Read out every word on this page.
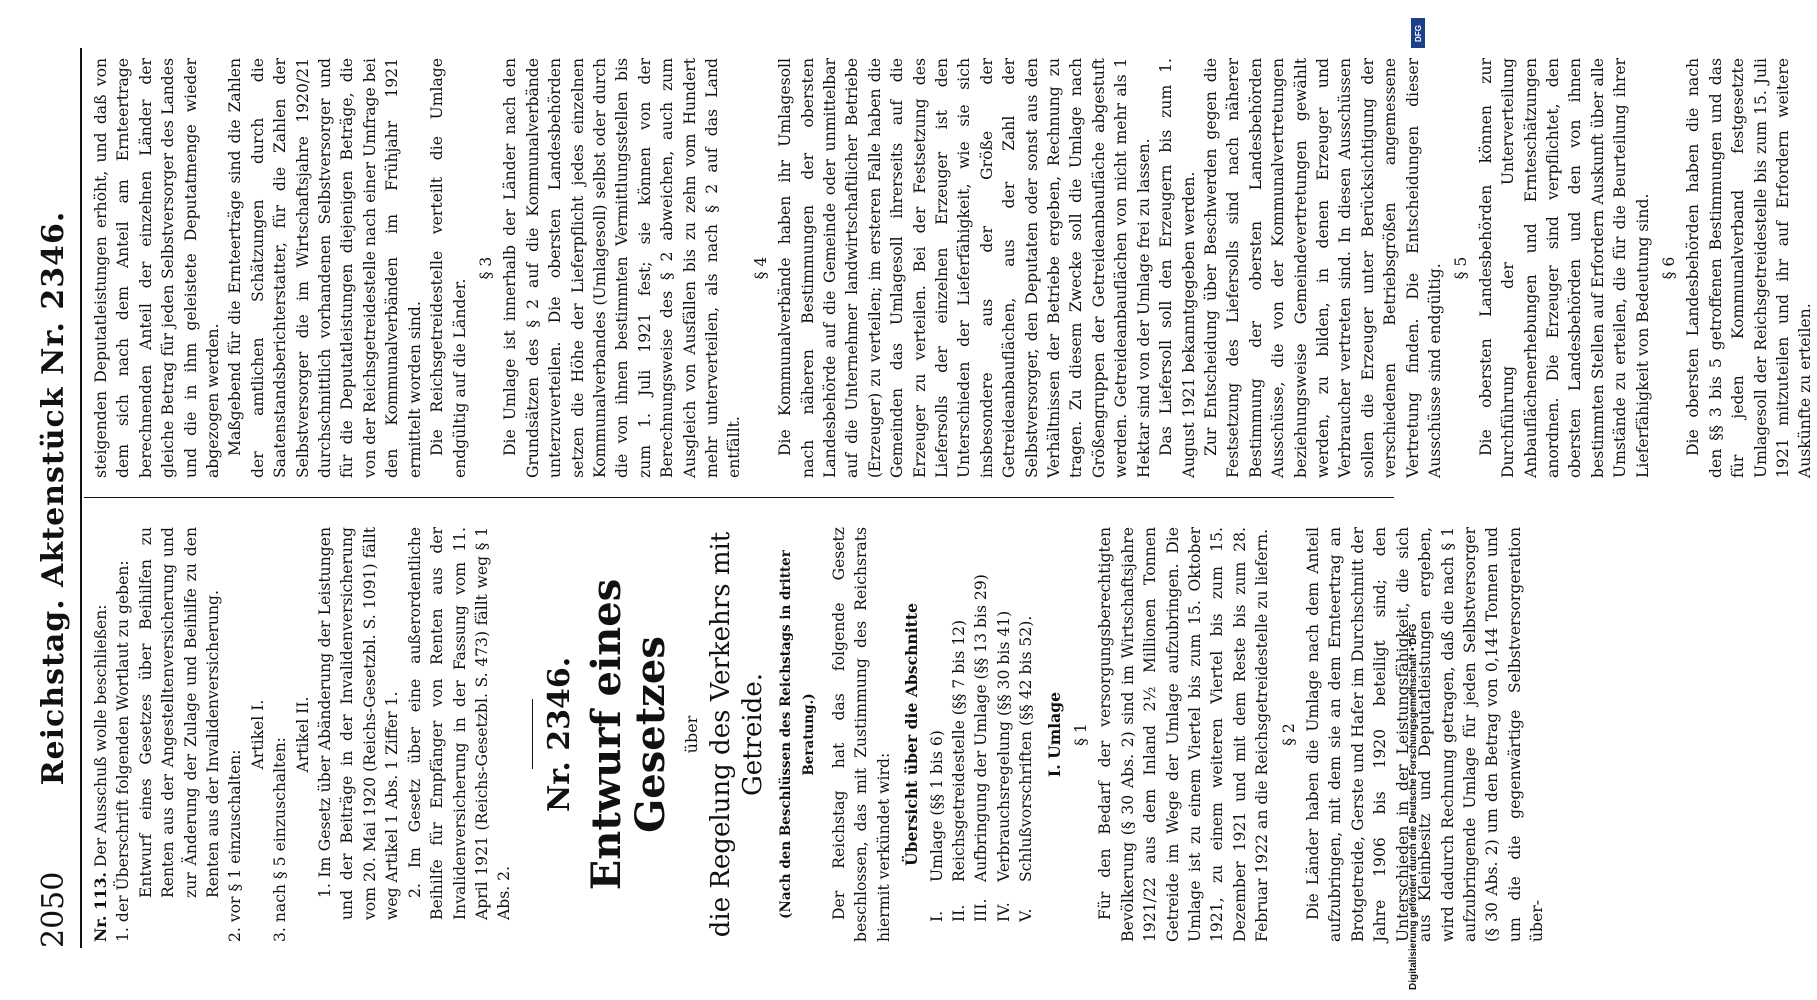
2050
Reichstag. Aktenstück Nr. 2346.

Nr. 113. Der Ausschuß wolle beschließen:

1. der Überschrift folgenden Wortlaut zu geben: Entwurf eines Gesetzes über Beihilfen zu Renten aus der Angestelltenversicherung und zur Änderung der Zulage und Beihilfe zu den Renten aus der Invalidenversicherung.

2. vor § 1 einzuschalten:

Artikel I.

3. nach § 5 einzuschalten:

Artikel II. 1. Im Gesetz über Abänderung der Leistungen und der Beiträge in der Invalidenversicherung vom 20. Mai 1920 (Reichs-Gesetzbl. S. 1091) fällt weg Artikel 1 Abs. 1 Ziffer 1. 2. Im Gesetz über eine außerordentliche Beihilfe für Empfänger von Renten aus der Invalidenversicherung in der Fassung vom 11. April 1921 (Reichs-Gesetzbl. S. 473) fällt weg § 1 Abs. 2.

Nr. 2346. Entwurf eines Gesetzes über die Regelung des Verkehrs mit Getreide. (Nach den Beschlüssen des Reichstags in dritter Beratung.) Der Reichstag hat das folgende Gesetz beschlossen, das mit Zustimmung des Reichsrats hiermit verkündet wird: Übersicht über die Abschnitte

I.
Umlage (§§ 1 bis 6)
II.
Reichsgetreidestelle (§§ 7 bis 12)
III.
Aufbringung der Umlage (§§ 13 bis 29)
IV.
Verbrauchsregelung (§§ 30 bis 41)
V.
Schlußvorschriften (§§ 42 bis 52). I. Umlage § 1 Für den Bedarf der versorgungsberechtigten Bevölkerung (§ 30 Abs. 2) sind im Wirtschaftsjahre 1921/22 aus dem Inland 2½ Millionen Tonnen Getreide im Wege der Umlage aufzubringen. Die Umlage ist zu einem Viertel bis zum 15. Oktober 1921, zu einem weiteren Viertel bis zum 15. Dezember 1921 und mit dem Reste bis zum 28. Februar 1922 an die Reichsgetreidestelle zu liefern. § 2 Die Länder haben die Umlage nach dem Anteil aufzubringen, mit dem sie an dem Ernteertrag an Brotgetreide, Gerste und Hafer im Durchschnitt der Jahre 1906 bis 1920 beteiligt sind; den Unterschieden in der Leistungsfähigkeit, die sich aus Kleinbesitz und Deputatleistungen ergeben, wird dadurch Rechnung getragen, daß die nach § 1 aufzubringende Umlage für jeden Selbstversorger (§ 30 Abs. 2) um den Betrag von 0,144 Tonnen und um die die gegenwärtige Selbstversorgeration über-

steigenden Deputatleistungen erhöht, und daß von dem sich nach dem Anteil am Ernteertrage berechnenden Anteil der einzelnen Länder der gleiche Betrag für jeden Selbstversorger des Landes und die in ihm geleistete Deputatmenge wieder abgezogen werden. Maßgebend für die Ernteerträge sind die Zahlen der amtlichen Schätzungen durch die Saatenstandsberichterstatter, für die Zahlen der Selbstversorger die im Wirtschaftsjahre 1920/21 durchschnittlich vorhandenen Selbstversorger und für die Deputatleistungen diejenigen Beträge, die von der Reichsgetreidestelle nach einer Umfrage bei den Kommunalverbänden im Frühjahr 1921 ermittelt worden sind. Die Reichsgetreidestelle verteilt die Umlage endgültig auf die Länder.

§ 3 Die Umlage ist innerhalb der Länder nach den Grundsätzen des § 2 auf die Kommunalverbände unterzuverteilen. Die obersten Landesbehörden setzen die Höhe der Lieferpflicht jedes einzelnen Kommunalverbandes (Umlagesoll) selbst oder durch die von ihnen bestimmten Vermittlungsstellen bis zum 1. Juli 1921 fest; sie können von der Berechnungsweise des § 2 abweichen, auch zum Ausgleich von Ausfällen bis zu zehn vom Hundert mehr unterverteilen, als nach § 2 auf das Land entfällt.

§ 4 Die Kommunalverbände haben ihr Umlagesoll nach näheren Bestimmungen der obersten Landesbehörde auf die Gemeinde oder unmittelbar auf die Unternehmer landwirtschaftlicher Betriebe (Erzeuger) zu verteilen; im ersteren Falle haben die Gemeinden das Umlagesoll ihrerseits auf die Erzeuger zu verteilen. Bei der Festsetzung des Liefersolls der einzelnen Erzeuger ist den Unterschieden der Lieferfähigkeit, wie sie sich insbesondere aus der Größe der Getreideanbauflächen, aus der Zahl der Selbstversorger, den Deputaten oder sonst aus den Verhältnissen der Betriebe ergeben, Rechnung zu tragen. Zu diesem Zwecke soll die Umlage nach Größengruppen der Getreideanbaufläche abgestuft werden. Getreideanbauflächen von nicht mehr als 1 Hektar sind von der Umlage frei zu lassen. Das Liefersoll soll den Erzeugern bis zum 1. August 1921 bekanntgegeben werden. Zur Entscheidung über Beschwerden gegen die Festsetzung des Liefersolls sind nach näherer Bestimmung der obersten Landesbehörden Ausschüsse, die von der Kommunalvertretungen beziehungsweise Gemeindevertretungen gewählt werden, zu bilden, in denen Erzeuger und Verbraucher vertreten sind. In diesen Ausschüssen sollen die Erzeuger unter Berücksichtigung der verschiedenen Betriebsgrößen angemessene Vertretung finden. Die Entscheidungen dieser Ausschüsse sind endgültig. § 5 Die obersten Landesbehörden können zur Durchführung der Unterverteilung Anbauflächenerhebungen und Ernteschätzungen anordnen. Die Erzeuger sind verpflichtet, den obersten Landesbehörden und den von ihnen bestimmten Stellen auf Erfordern Auskunft über alle Umstände zu erteilen, die für die Beurteilung ihrer Lieferfähigkeit von Bedeutung sind. § 6 Die obersten Landesbehörden haben die nach den §§ 3 bis 5 getroffenen Bestimmungen und das für jeden Kommunalverband festgesetzte Umlagesoll der Reichsgetreidestelle bis zum 15. Juli 1921 mitzuteilen und ihr auf Erfordern weitere Auskünfte zu erteilen.

DFG
Digitalisierung gefördert durch die Deutsche Forschungsgemeinschaft • DFG
